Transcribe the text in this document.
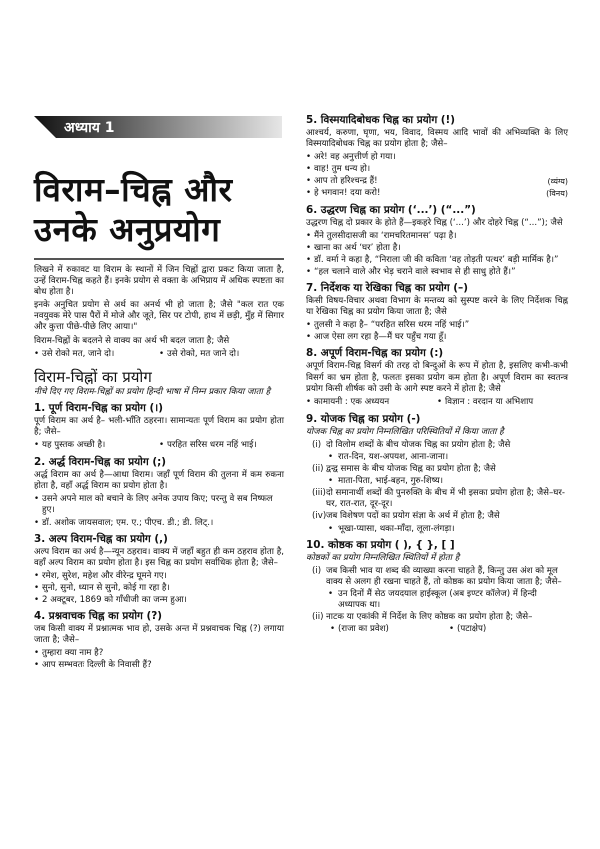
अध्याय 1
विराम–चिह्न और
उनके अनुप्रयोग

लिखने में रुकावट या विराम के स्थानों में जिन चिह्नों द्वारा प्रकट किया जाता है, उन्हें विराम-चिह्न कहते हैं। इनके प्रयोग से वक्ता के अभिप्राय में अधिक स्पष्टता का बोध होता है।

इनके अनुचित प्रयोग से अर्थ का अनर्थ भी हो जाता है; जैसे "कल रात एक नवयुवक मेरे पास पैरों में मोजे और जूते, सिर पर टोपी, हाथ में छड़ी, मुँह में सिगार और कुत्ता पीछे-पीछे लिए आया।"

विराम-चिह्नों के बदलने से वाक्य का अर्थ भी बदल जाता है; जैसे

• उसे रोको मत, जाने दो।	• उसे रोको, मत जाने दो।
विराम-चिह्नों का प्रयोग

नीचे दिए गए विराम-चिह्नों का प्रयोग हिन्दी भाषा में निम्न प्रकार किया जाता है

1. पूर्ण विराम-चिह्न का प्रयोग (।)

पूर्ण विराम का अर्थ है– भली-भाँति ठहरना। सामान्यतः पूर्ण विराम का प्रयोग होता है; जैसे–

• यह पुस्तक अच्छी है।	• परहित सरिस धरम नहिं भाई।
2. अर्द्ध विराम-चिह्न का प्रयोग (;)

अर्द्ध विराम का अर्थ है—आधा विराम। जहाँ पूर्ण विराम की तुलना में कम रुकना होता है, वहाँ अर्द्ध विराम का प्रयोग होता है।

• उसने अपने माल को बचाने के लिए अनेक उपाय किए; परन्तु वे सब निष्फल हुए।
• डॉ. अशोक जायसवाल; एम. ए.; पीएच. डी.; डी. लिट्.।
3. अल्प विराम-चिह्न का प्रयोग (,)

अल्प विराम का अर्थ है—न्यून ठहराव। वाक्य में जहाँ बहुत ही कम ठहराव होता है, वहाँ अल्प विराम का प्रयोग होता है। इस चिह्न का प्रयोग सर्वाधिक होता है; जैसे–

• रमेश, सुरेश, महेश और वीरेन्द्र घूमने गए।
• सुनो, सुनो, ध्यान से सुनो, कोई गा रहा है।
• 2 अक्टूबर, 1869 को गाँधीजी का जन्म हुआ।
4. प्रश्नवाचक चिह्न का प्रयोग (?)

जब किसी वाक्य में प्रश्नात्मक भाव हो, उसके अन्त में प्रश्नवाचक चिह्न (?) लगाया जाता है; जैसे–

• तुम्हारा क्या नाम है?
• आप सम्भवतः दिल्ली के निवासी हैं?
5. विस्मयादिबोधक चिह्न का प्रयोग (!)

आश्चर्य, करुणा, घृणा, भय, विवाद, विस्मय आदि भावों की अभिव्यक्ति के लिए विस्मयादिबोधक चिह्न का प्रयोग होता है; जैसे–

• अरे! वह अनुत्तीर्ण हो गया।
• वाह! तुम धन्य हो।
• आप तो हरिश्चन्द्र हैं!	(व्यंग्य)
• हे भगवान! दया करो!	(विनय)
6. उद्धरण चिह्न का प्रयोग (‘...’) (“...”)

उद्धरण चिह्न दो प्रकार के होते हैं—इकहरे चिह्न (‘...’) और दोहरे चिह्न (“...”); जैसे

• मैंने तुलसीदासजी का ‘रामचरितमानस’ पढ़ा है।
• खाना का अर्थ ‘घर’ होता है।
• डॉ. वर्मा ने कहा है, “निराला जी की कविता ‘वह तोड़ती पत्थर’ बड़ी मार्मिक है।”
• “हल चलाने वाले और भेड़ चराने वाले स्वभाव से ही साधु होते हैं।”
7. निर्देशक या रेखिका चिह्न का प्रयोग (–)

किसी विषय-विचार अथवा विभाग के मन्तव्य को सुस्पष्ट करने के लिए निर्देशक चिह्न या रेखिका चिह्न का प्रयोग किया जाता है; जैसे

• तुलसी ने कहा है– “परहित सरिस धरम नहिं भाई।”
• आज ऐसा लग रहा है—मैं घर पहुँच गया हूँ।
8. अपूर्ण विराम-चिह्न का प्रयोग (:)

अपूर्ण विराम-चिह्न विसर्ग की तरह दो बिन्दुओं के रूप में होता है, इसलिए कभी-कभी विसर्ग का भ्रम होता है, फलतः इसका प्रयोग कम होता है। अपूर्ण विराम का स्वतन्त्र प्रयोग किसी शीर्षक को उसी के आगे स्पष्ट करने में होता है; जैसे

• कामायनी : एक अध्ययन	• विज्ञान : वरदान या अभिशाप
9. योजक चिह्न का प्रयोग (-)

योजक चिह्न का प्रयोग निम्नलिखित परिस्थितियों में किया जाता है

(i) दो विलोम शब्दों के बीच योजक चिह्न का प्रयोग होता है; जैसे
• रात-दिन, यश-अपयश, आना-जाना।
(ii) द्वन्द्व समास के बीच योजक चिह्न का प्रयोग होता है; जैसे
• माता-पिता, भाई-बहन, गुरु-शिष्य।
(iii) दो समानार्थी शब्दों की पुनरुक्ति के बीच में भी इसका प्रयोग होता है; जैसे–घर-घर, रात-रात, दूर-दूर।
(iv) जब विशेषण पदों का प्रयोग संज्ञा के अर्थ में होता है; जैसे
• भूखा-प्यासा, थका-माँदा, लूला-लंगड़ा।
10. कोष्ठक का प्रयोग ( ), { }, [ ]

कोष्ठकों का प्रयोग निम्नलिखित स्थितियों में होता है

(i) जब किसी भाव या शब्द की व्याख्या करना चाहते हैं, किन्तु उस अंश को मूल वाक्य से अलग ही रखना चाहते हैं, तो कोष्ठक का प्रयोग किया जाता है; जैसे–
• उन दिनों मैं सेठ जयदयाल हाईस्कूल (अब इण्टर कॉलेज) में हिन्दी अध्यापक था।
(ii) नाटक या एकांकी में निर्देश के लिए कोष्ठक का प्रयोग होता है; जैसे–
• (राजा का प्रवेश)	• (पटाक्षेप)
